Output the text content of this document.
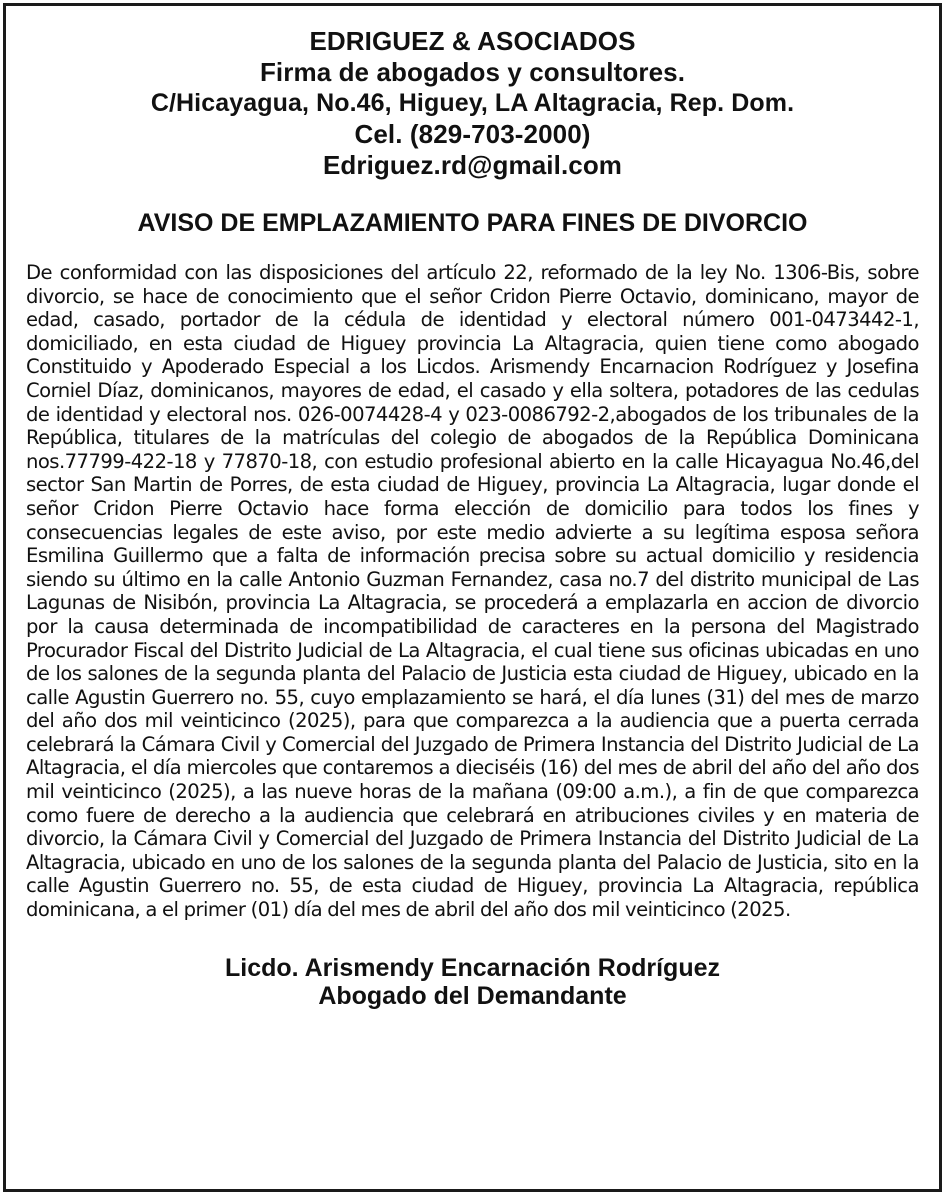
EDRIGUEZ & ASOCIADOS
Firma de abogados y consultores.
C/Hicayagua, No.46, Higuey, LA Altagracia, Rep. Dom.
Cel. (829-703-2000)
Edriguez.rd@gmail.com
AVISO DE EMPLAZAMIENTO PARA FINES DE DIVORCIO
De conformidad con las disposiciones del artículo 22, reformado de la ley No. 1306-Bis, sobre divorcio, se hace de conocimiento que el señor Cridon Pierre Octavio, dominicano, mayor de edad, casado, portador de la cédula de identidad y electoral número 001-0473442-1, domiciliado, en esta ciudad de Higuey provincia La Altagracia, quien tiene como abogado Constituido y Apoderado Especial a los Licdos. Arismendy Encarnacion Rodríguez y Josefina Corniel Díaz, dominicanos, mayores de edad, el casado y ella soltera, potadores de las cedulas de identidad y electoral nos. 026-0074428-4 y 023-0086792-2,abogados de los tribunales de la República, titulares de la matrículas del colegio de abogados de la República Dominicana nos.77799-422-18 y 77870-18, con estudio profesional abierto en la calle Hicayagua No.46,del sector San Martin de Porres, de esta ciudad de Higuey, provincia La Altagracia, lugar donde el señor Cridon Pierre Octavio hace forma elección de domicilio para todos los fines y consecuencias legales de este aviso, por este medio advierte a su legítima esposa señora Esmilina Guillermo que a falta de información precisa sobre su actual domicilio y residencia siendo su último en la calle Antonio Guzman Fernandez, casa no.7 del distrito municipal de Las Lagunas de Nisibón, provincia La Altagracia, se procederá a emplazarla en accion de divorcio por la causa determinada de incompatibilidad de caracteres en la persona del Magistrado Procurador Fiscal del Distrito Judicial de La Altagracia, el cual tiene sus oficinas ubicadas en uno de los salones de la segunda planta del Palacio de Justicia esta ciudad de Higuey, ubicado en la calle Agustin Guerrero no. 55, cuyo emplazamiento se hará, el día lunes (31) del mes de marzo del año dos mil veinticinco (2025), para que comparezca a la audiencia que a puerta cerrada celebrará la Cámara Civil y Comercial del Juzgado de Primera Instancia del Distrito Judicial de La Altagracia, el día miercoles que contaremos a dieciséis (16) del mes de abril del año del año dos mil veinticinco (2025), a las nueve horas de la mañana (09:00 a.m.), a fin de que comparezca como fuere de derecho a la audiencia que celebrará en atribuciones civiles y en materia de divorcio, la Cámara Civil y Comercial del Juzgado de Primera Instancia del Distrito Judicial de La Altagracia, ubicado en uno de los salones de la segunda planta del Palacio de Justicia, sito en la calle Agustin Guerrero no. 55, de esta ciudad de Higuey, provincia La Altagracia, república dominicana, a el primer (01) día del mes de abril del año dos mil veinticinco (2025.
Licdo. Arismendy Encarnación Rodríguez
Abogado del Demandante
